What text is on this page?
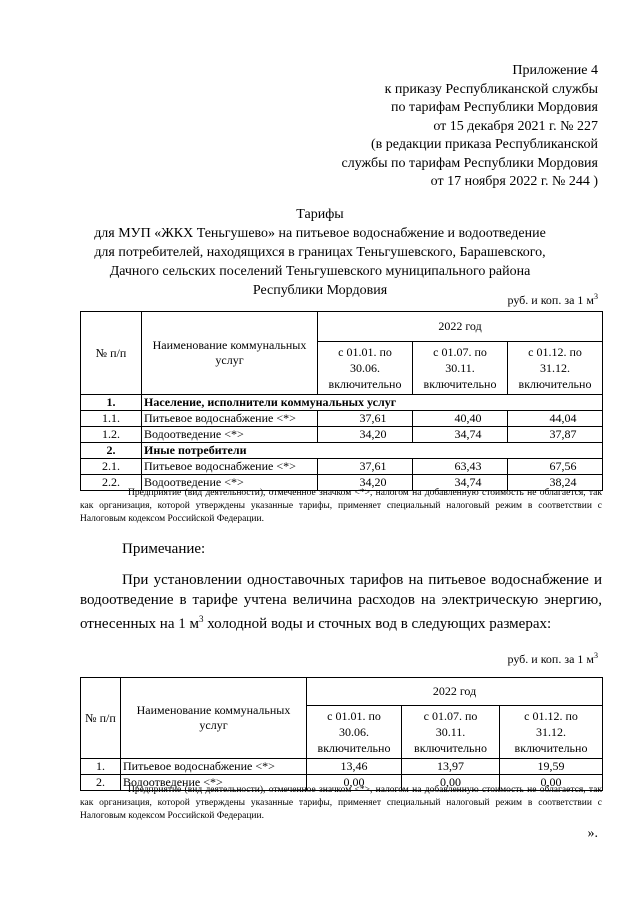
Приложение 4
к приказу Республиканской службы
по тарифам Республики Мордовия
от 15 декабря 2021 г. № 227
(в редакции приказа Республиканской
службы по тарифам Республики Мордовия
от 17 ноября 2022 г. № 244 )
Тарифы
для МУП «ЖКХ Теньгушево» на питьевое водоснабжение и водоотведение
для потребителей, находящихся в границах Теньгушевского, Барашевского,
Дачного сельских поселений Теньгушевского муниципального района
Республики Мордовия
руб. и коп. за 1 $м^3$
№ п/п	Наименование коммунальных услуг	2022 год		
		с 01.01. по
30.06.
включительно	с 01.07. по
30.11.
включительно	с 01.12. по
31.12.
включительно
1.	Население, исполнители коммунальных услуг			
1.1.	Питьевое водоснабжение <*>	37,61	40,40	44,04
1.2.	Водоотведение <*>	34,20	34,74	37,87
2.	Иные потребители			
2.1.	Питьевое водоснабжение <*>	37,61	63,43	67,56
2.2.	Водоотведение <*>	34,20	34,74	38,24
Предприятие (вид деятельности), отмеченное значком <*>, налогом на добавленную стоимость не облагается, так как организация, которой утверждены указанные тарифы, применяет специальный налоговый режим в соответствии с Налоговым кодексом Российской Федерации.
Примечание:
При установлении одноставочных тарифов на питьевое водоснабжение и водоотведение в тарифе учтена величина расходов на электрическую энергию, отнесенных на 1 $м^3$ холодной воды и сточных вод в следующих размерах:
руб. и коп. за 1 $м^3$
№ п/п	Наименование коммунальных услуг	2022 год		
		с 01.01. по
30.06.
включительно	с 01.07. по
30.11.
включительно	с 01.12. по
31.12.
включительно
1.	Питьевое водоснабжение <*>	13,46	13,97	19,59
2.	Водоотведение <*>	0,00	0,00	0,00
Предприятие (вид деятельности), отмеченное значком <*>, налогом на добавленную стоимость не облагается, так как организация, которой утверждены указанные тарифы, применяет специальный налоговый режим в соответствии с Налоговым кодексом Российской Федерации.
».
